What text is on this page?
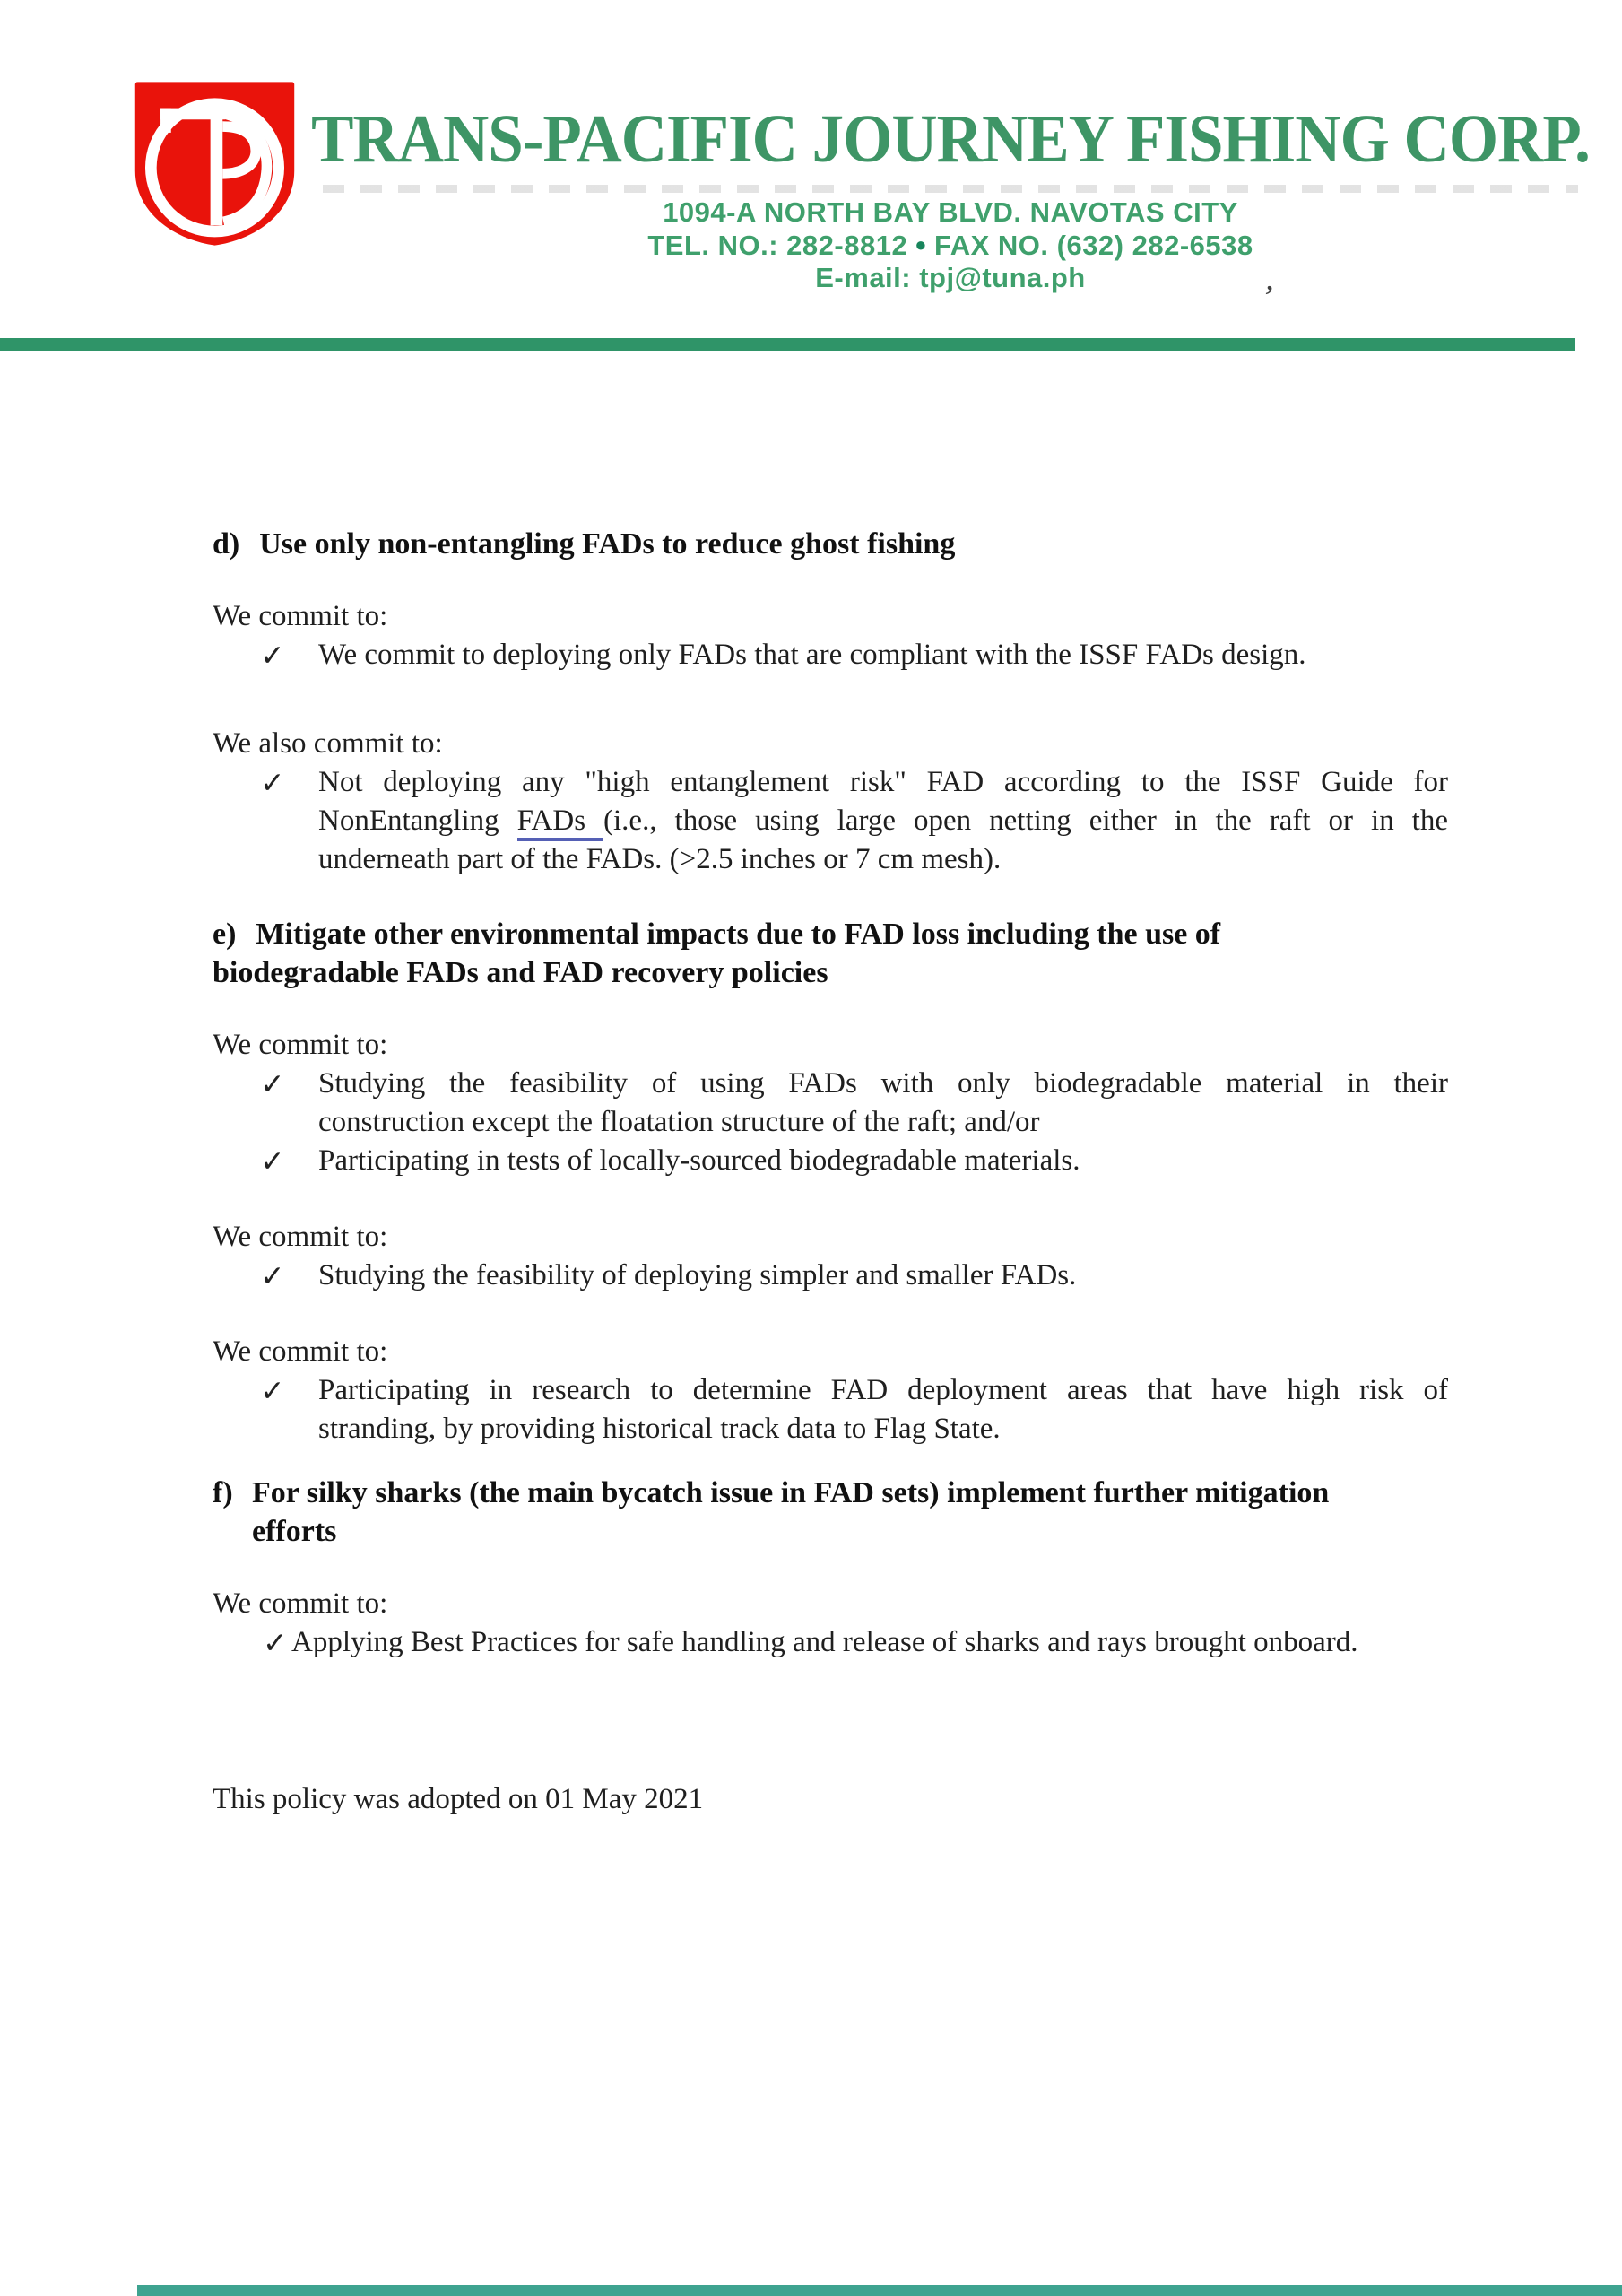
TRANS-PACIFIC JOURNEY FISHING CORP.
1094-A NORTH BAY BLVD. NAVOTAS CITY
TEL. NO.: 282-8812 ● FAX NO. (632) 282-6538
E-mail: tpj@tuna.ph
’
d) Use only non-entangling FADs to reduce ghost fishing
We commit to:
✓	We commit to deploying only FADs that are compliant with the ISSF FADs design.
We also commit to:
✓	Not deploying any "high entanglement risk" FAD according to the ISSF Guide for
NonEntangling FADs (i.e., those using large open netting either in the raft or in the
underneath part of the FADs. (>2.5 inches or 7 cm mesh).
e) Mitigate other environmental impacts due to FAD loss including the use of
biodegradable FADs and FAD recovery policies
We commit to:
✓	Studying the feasibility of using FADs with only biodegradable material in their
construction except the floatation structure of the raft; and/or
✓	Participating in tests of locally-sourced biodegradable materials.
We commit to:
✓	Studying the feasibility of deploying simpler and smaller FADs.
We commit to:
✓	Participating in research to determine FAD deployment areas that have high risk of
stranding, by providing historical track data to Flag State.
f) For silky sharks (the main bycatch issue in FAD sets) implement further mitigation
efforts
We commit to:
✓ Applying Best Practices for safe handling and release of sharks and rays brought onboard.
This policy was adopted on 01 May 2021
